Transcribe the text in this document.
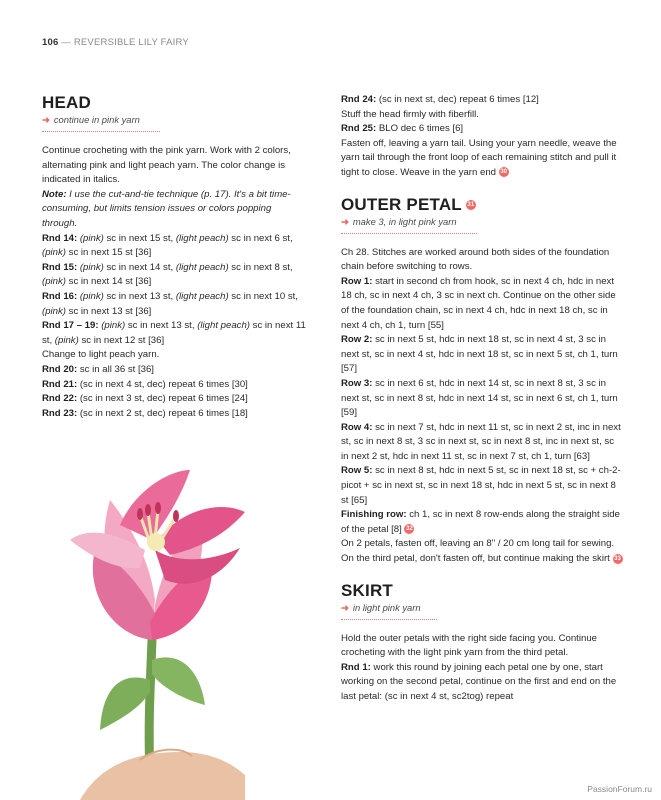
106 — REVERSIBLE LILY FAIRY
HEAD
➜ continue in pink yarn

Continue crocheting with the pink yarn. Work with 2 colors, alternating pink and light peach yarn. The color change is indicated in italics.

Note: I use the cut-and-tie technique (p. 17). It's a bit time-consuming, but limits tension issues or colors popping through.

Rnd 14: (pink) sc in next 15 st, (light peach) sc in next 6 st, (pink) sc in next 15 st [36]

Rnd 15: (pink) sc in next 14 st, (light peach) sc in next 8 st, (pink) sc in next 14 st [36]

Rnd 16: (pink) sc in next 13 st, (light peach) sc in next 10 st, (pink) sc in next 13 st [36]

Rnd 17 – 19: (pink) sc in next 13 st, (light peach) sc in next 11 st, (pink) sc in next 12 st [36]

Change to light peach yarn.

Rnd 20: sc in all 36 st [36]

Rnd 21: (sc in next 4 st, dec) repeat 6 times [30]

Rnd 22: (sc in next 3 st, dec) repeat 6 times [24]

Rnd 23: (sc in next 2 st, dec) repeat 6 times [18]

Rnd 24: (sc in next st, dec) repeat 6 times [12]

Stuff the head firmly with fiberfill.

Rnd 25: BLO dec 6 times [6]

Fasten off, leaving a yarn tail. Using your yarn needle, weave the yarn tail through the front loop of each remaining stitch and pull it tight to close. Weave in the yarn end 30

OUTER PETAL 31
➜ make 3, in light pink yarn

Ch 28. Stitches are worked around both sides of the foundation chain before switching to rows.

Row 1: start in second ch from hook, sc in next 4 ch, hdc in next 18 ch, sc in next 4 ch, 3 sc in next ch. Continue on the other side of the foundation chain, sc in next 4 ch, hdc in next 18 ch, sc in next 4 ch, ch 1, turn [55]

Row 2: sc in next 5 st, hdc in next 18 st, sc in next 4 st, 3 sc in next st, sc in next 4 st, hdc in next 18 st, sc in next 5 st, ch 1, turn [57]

Row 3: sc in next 6 st, hdc in next 14 st, sc in next 8 st, 3 sc in next st, sc in next 8 st, hdc in next 14 st, sc in next 6 st, ch 1, turn [59]

Row 4: sc in next 7 st, hdc in next 11 st, sc in next 2 st, inc in next st, sc in next 8 st, 3 sc in next st, sc in next 8 st, inc in next st, sc in next 2 st, hdc in next 11 st, sc in next 7 st, ch 1, turn [63]

Row 5: sc in next 8 st, hdc in next 5 st, sc in next 18 st, sc + ch-2-picot + sc in next st, sc in next 18 st, hdc in next 5 st, sc in next 8 st [65]

Finishing row: ch 1, sc in next 8 row-ends along the straight side of the petal [8] 32

On 2 petals, fasten off, leaving an 8" / 20 cm long tail for sewing. On the third petal, don't fasten off, but continue making the skirt 33

SKIRT
➜ in light pink yarn

Hold the outer petals with the right side facing you. Continue crocheting with the light pink yarn from the third petal.

Rnd 1: work this round by joining each petal one by one, start working on the second petal, continue on the first and end on the last petal: (sc in next 4 st, sc2tog) repeat

PassionForum.ru
